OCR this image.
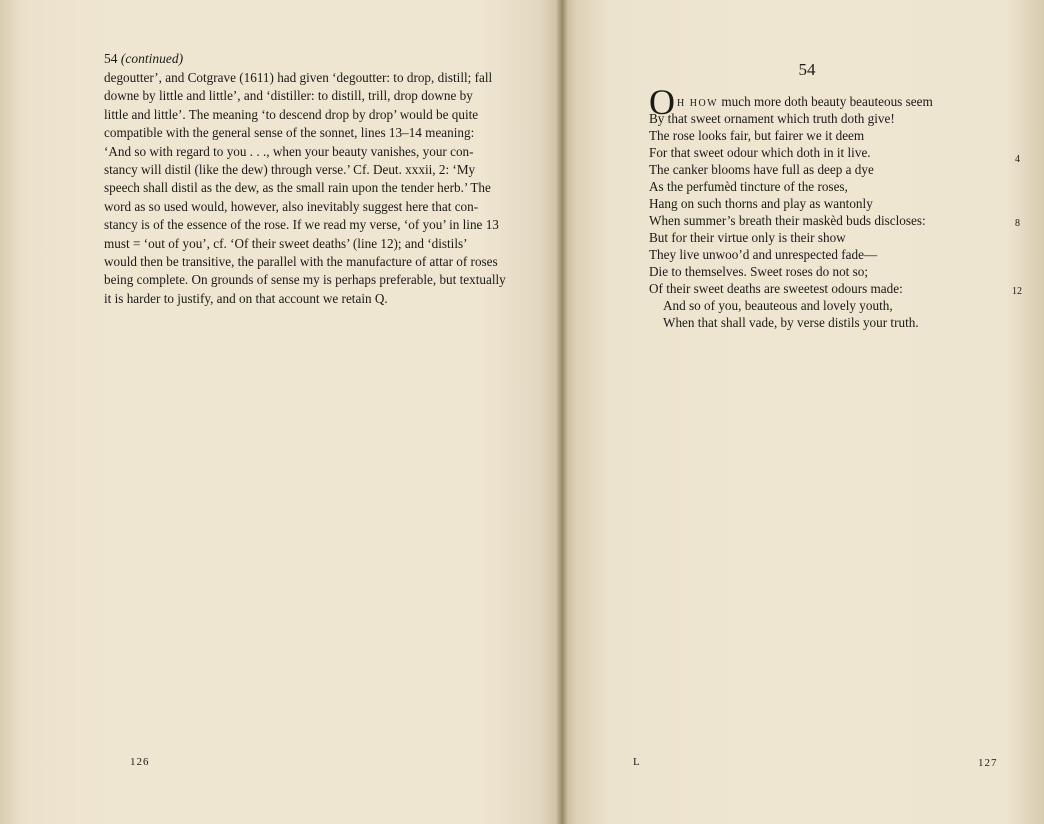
54 (continued)

degoutter’, and Cotgrave (1611) had given ‘degoutter: to drop, distill; fall

downe by little and little’, and ‘distiller: to distill, trill, drop downe by

little and little’. The meaning ‘to descend drop by drop’ would be quite

compatible with the general sense of the sonnet, lines 13–14 meaning:

‘And so with regard to you . . ., when your beauty vanishes, your con-

stancy will distil (like the dew) through verse.’ Cf. Deut. xxxii, 2: ‘My

speech shall distil as the dew, as the small rain upon the tender herb.’ The

word as so used would, however, also inevitably suggest here that con-

stancy is of the essence of the rose. If we read my verse, ‘of you’ in line 13

must = ‘out of you’, cf. ‘Of their sweet deaths’ (line 12); and ‘distils’

would then be transitive, the parallel with the manufacture of attar of roses

being complete. On grounds of sense my is perhaps preferable, but textually

it is harder to justify, and on that account we retain Q.

126
54
O H HOW much more doth beauty beauteous seem
By that sweet ornament which truth doth give!
The rose looks fair, but fairer we it deem
For that sweet odour which doth in it live.
The canker blooms have full as deep a dye
As the perfumèd tincture of the roses,
Hang on such thorns and play as wantonly
When summer’s breath their maskèd buds discloses:
But for their virtue only is their show
They live unwoo’d and unrespected fade—
Die to themselves. Sweet roses do not so;
Of their sweet deaths are sweetest odours made:
And so of you, beauteous and lovely youth,
When that shall vade, by verse distils your truth.
4
8
12
L	127
